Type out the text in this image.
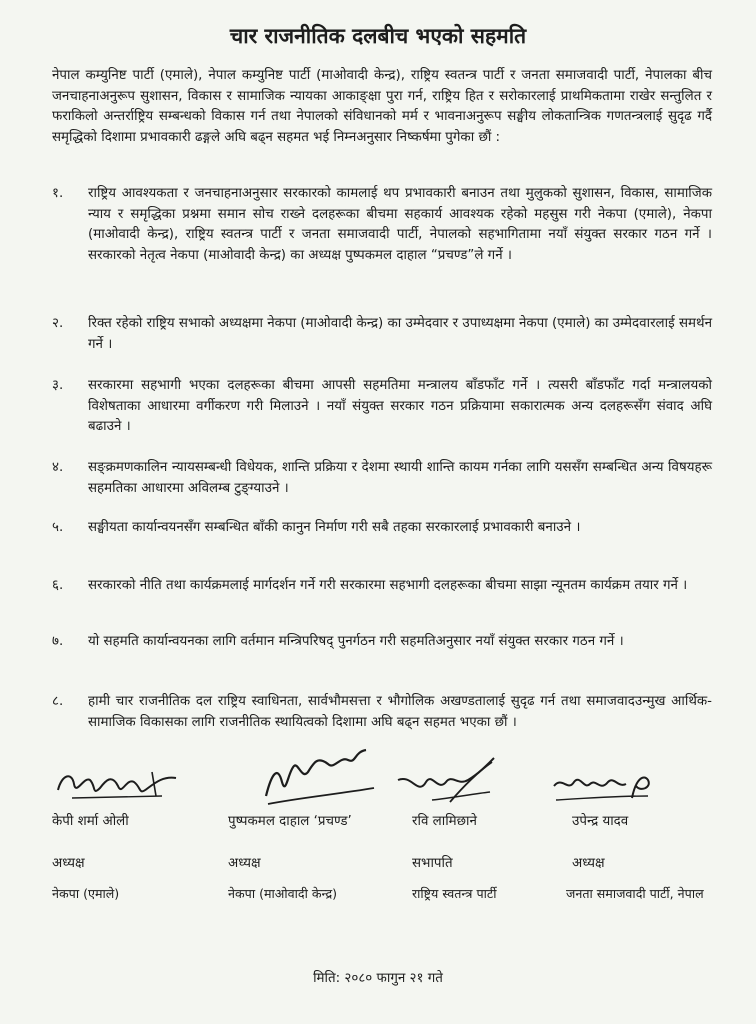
चार राजनीतिक दलबीच भएको सहमति
नेपाल कम्युनिष्ट पार्टी (एमाले), नेपाल कम्युनिष्ट पार्टी (माओवादी केन्द्र), राष्ट्रिय स्वतन्त्र पार्टी र जनता समाजवादी पार्टी, नेपालका बीच जनचाहनाअनुरूप सुशासन, विकास र सामाजिक न्यायका आकाङ्क्षा पुरा गर्न, राष्ट्रिय हित र सरोकारलाई प्राथमिकतामा राखेर सन्तुलित र फराकिलो अन्तर्राष्ट्रिय सम्बन्धको विकास गर्न तथा नेपालको संविधानको मर्म र भावनाअनुरूप सङ्घीय लोकतान्त्रिक गणतन्त्रलाई सुदृढ गर्दै समृद्धिको दिशामा प्रभावकारी ढङ्गले अघि बढ्न सहमत भई निम्नअनुसार निष्कर्षमा पुगेका छौं :
१.	राष्ट्रिय आवश्यकता र जनचाहनाअनुसार सरकारको कामलाई थप प्रभावकारी बनाउन तथा मुलुकको सुशासन, विकास, सामाजिक न्याय र समृद्धिका प्रश्नमा समान सोच राख्ने दलहरूका बीचमा सहकार्य आवश्यक रहेको महसुस गरी नेकपा (एमाले), नेकपा (माओवादी केन्द्र), राष्ट्रिय स्वतन्त्र पार्टी र जनता समाजवादी पार्टी, नेपालको सहभागितामा नयाँ संयुक्त सरकार गठन गर्ने । सरकारको नेतृत्व नेकपा (माओवादी केन्द्र) का अध्यक्ष पुष्पकमल दाहाल “प्रचण्ड”ले गर्ने ।
२.	रिक्त रहेको राष्ट्रिय सभाको अध्यक्षमा नेकपा (माओवादी केन्द्र) का उम्मेदवार र उपाध्यक्षमा नेकपा (एमाले) का उम्मेदवारलाई समर्थन गर्ने ।
३.	सरकारमा सहभागी भएका दलहरूका बीचमा आपसी सहमतिमा मन्त्रालय बाँडफाँट गर्ने । त्यसरी बाँडफाँट गर्दा मन्त्रालयको विशेषताका आधारमा वर्गीकरण गरी मिलाउने । नयाँ संयुक्त सरकार गठन प्रक्रियामा सकारात्मक अन्य दलहरूसँग संवाद अघि बढाउने ।
४.	सङ्क्रमणकालिन न्यायसम्बन्धी विधेयक, शान्ति प्रक्रिया र देशमा स्थायी शान्ति कायम गर्नका लागि यससँग सम्बन्धित अन्य विषयहरू सहमतिका आधारमा अविलम्ब टुङ्ग्याउने ।
५.	सङ्घीयता कार्यान्वयनसँग सम्बन्धित बाँकी कानुन निर्माण गरी सबै तहका सरकारलाई प्रभावकारी बनाउने ।
६.	सरकारको नीति तथा कार्यक्रमलाई मार्गदर्शन गर्ने गरी सरकारमा सहभागी दलहरूका बीचमा साझा न्यूनतम कार्यक्रम तयार गर्ने ।
७.	यो सहमति कार्यान्वयनका लागि वर्तमान मन्त्रिपरिषद् पुनर्गठन गरी सहमतिअनुसार नयाँ संयुक्त सरकार गठन गर्ने ।
८.	हामी चार राजनीतिक दल राष्ट्रिय स्वाधिनता, सार्वभौमसत्ता र भौगोलिक अखण्डतालाई सुदृढ गर्न तथा समाजवादउन्मुख आर्थिक-सामाजिक विकासका लागि राजनीतिक स्थायित्वको दिशामा अघि बढ्न सहमत भएका छौं ।
केपी शर्मा ओली	पुष्पकमल दाहाल ‘प्रचण्ड’	रवि लामिछाने	उपेन्द्र यादव
अध्यक्ष	अध्यक्ष	सभापति	अध्यक्ष
नेकपा (एमाले)	नेकपा (माओवादी केन्द्र)	राष्ट्रिय स्वतन्त्र पार्टी	जनता समाजवादी पार्टी, नेपाल
मिति: २०८० फागुन २१ गते
